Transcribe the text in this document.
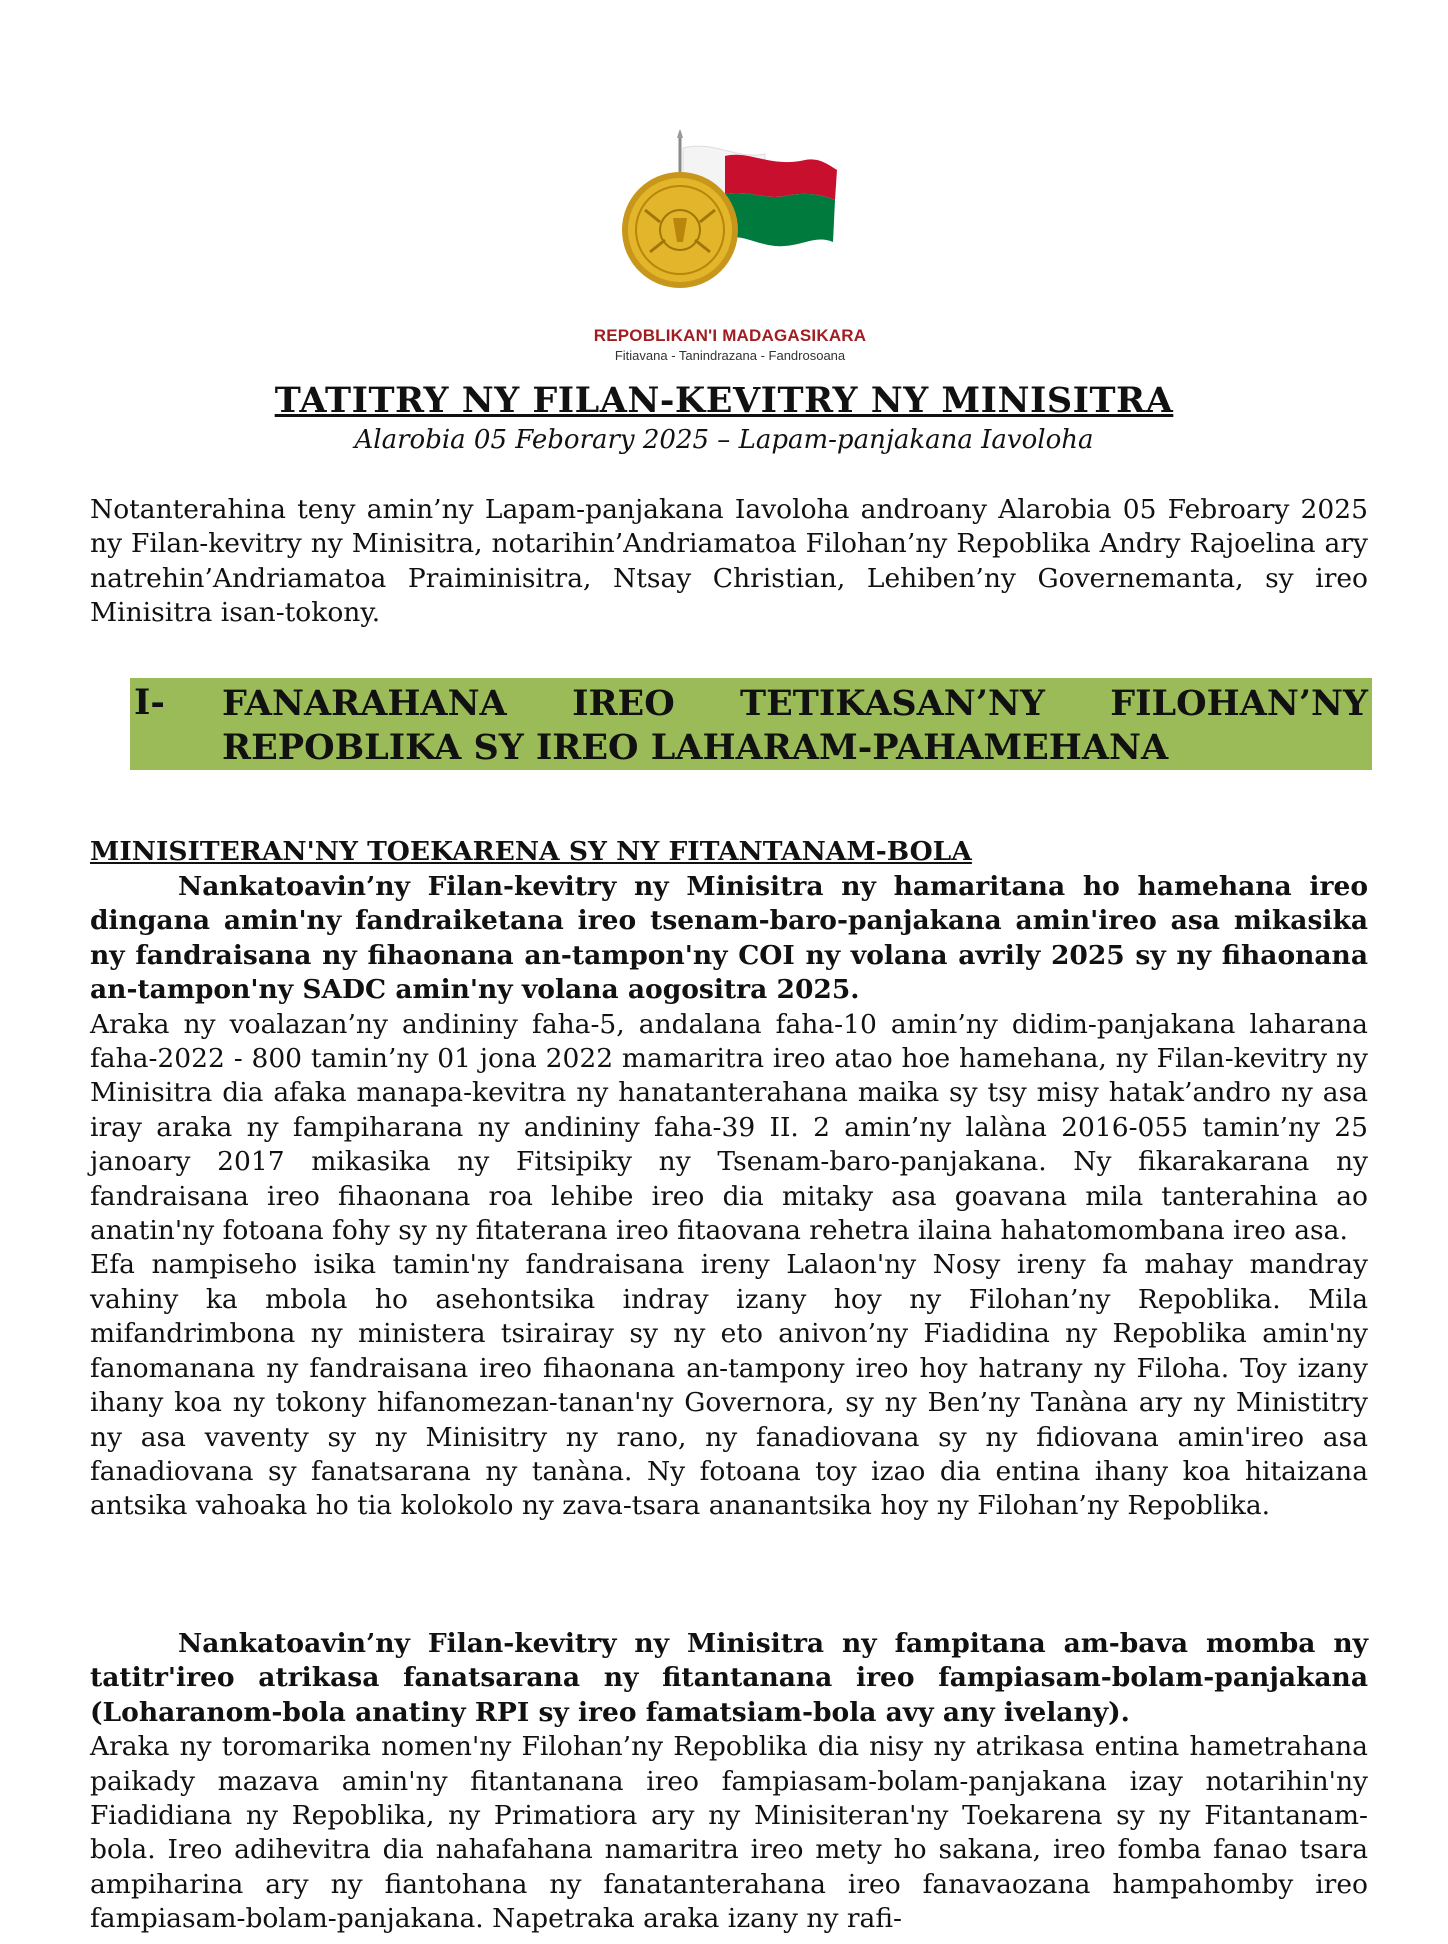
REPOBLIKAN'I MADAGASIKARA
Fitiavana - Tanindrazana - Fandrosoana
TATITRY NY FILAN-KEVITRY NY MINISITRA
Alarobia 05 Feborary 2025 – Lapam-panjakana Iavoloha
Notanterahina teny amin’ny Lapam-panjakana Iavoloha androany Alarobia 05 Febroary 2025 ny Filan-kevitry ny Minisitra, notarihin’Andriamatoa Filohan’ny Repoblika Andry Rajoelina ary natrehin’Andriamatoa Praiminisitra, Ntsay Christian, Lehiben’ny Governemanta, sy ireo Minisitra isan-tokony.
I- FANARAHANA IREO TETIKASAN’NY FILOHAN’NY
REPOBLIKA SY IREO LAHARAM-PAHAMEHANA
MINISITERAN'NY TOEKARENA SY NY FITANTANAM-BOLA

Nankatoavin’ny Filan-kevitry ny Minisitra ny hamaritana ho hamehana ireo dingana amin'ny fandraiketana ireo tsenam-baro-panjakana amin'ireo asa mikasika ny fandraisana ny fihaonana an-tampon'ny COI ny volana avrily 2025 sy ny fihaonana an-tampon'ny SADC amin'ny volana aogositra 2025.

Araka ny voalazan’ny andininy faha-5, andalana faha-10 amin’ny didim-panjakana laharana faha-2022 - 800 tamin’ny 01 jona 2022 mamaritra ireo atao hoe hamehana, ny Filan-kevitry ny Minisitra dia afaka manapa-kevitra ny hanatanterahana maika sy tsy misy hatak’andro ny asa iray araka ny fampiharana ny andininy faha-39 II. 2 amin’ny lalàna 2016-055 tamin’ny 25 janoary 2017 mikasika ny Fitsipiky ny Tsenam-baro-panjakana. Ny fikarakarana ny fandraisana ireo fihaonana roa lehibe ireo dia mitaky asa goavana mila tanterahina ao anatin'ny fotoana fohy sy ny fitaterana ireo fitaovana rehetra ilaina hahatomombana ireo asa.

Efa nampiseho isika tamin'ny fandraisana ireny Lalaon'ny Nosy ireny fa mahay mandray vahiny ka mbola ho asehontsika indray izany hoy ny Filohan’ny Repoblika. Mila mifandrimbona ny ministera tsirairay sy ny eto anivon’ny Fiadidina ny Repoblika amin'ny fanomanana ny fandraisana ireo fihaonana an-tampony ireo hoy hatrany ny Filoha. Toy izany ihany koa ny tokony hifanomezan-tanan'ny Governora, sy ny Ben’ny Tanàna ary ny Ministitry ny asa vaventy sy ny Minisitry ny rano, ny fanadiovana sy ny fidiovana amin'ireo asa fanadiovana sy fanatsarana ny tanàna. Ny fotoana toy izao dia entina ihany koa hitaizana antsika vahoaka ho tia kolokolo ny zava-tsara ananantsika hoy ny Filohan’ny Repoblika.

Nankatoavin’ny Filan-kevitry ny Minisitra ny fampitana am-bava momba ny tatitr'ireo atrikasa fanatsarana ny fitantanana ireo fampiasam-bolam-panjakana (Loharanom-bola anatiny RPI sy ireo famatsiam-bola avy any ivelany).

Araka ny toromarika nomen'ny Filohan’ny Repoblika dia nisy ny atrikasa entina hametrahana paikady mazava amin'ny fitantanana ireo fampiasam-bolam-panjakana izay notarihin'ny Fiadidiana ny Repoblika, ny Primatiora ary ny Minisiteran'ny Toekarena sy ny Fitantanam-bola. Ireo adihevitra dia nahafahana namaritra ireo mety ho sakana, ireo fomba fanao tsara ampiharina ary ny fiantohana ny fanatanterahana ireo fanavaozana hampahomby ireo fampiasam-bolam-panjakana. Napetraka araka izany ny rafi-
